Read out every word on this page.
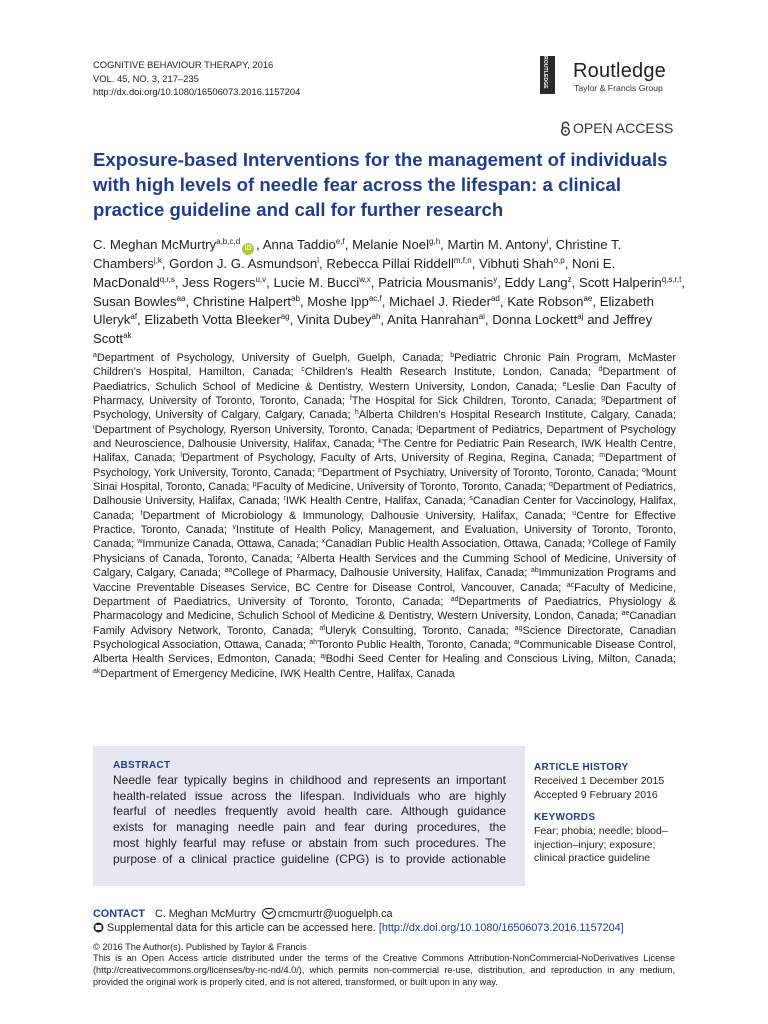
COGNITIVE BEHAVIOUR THERAPY, 2016
VOL. 45, NO. 3, 217–235
http://dx.doi.org/10.1080/16506073.2016.1157204
ROUTLEDGE Routledge
Taylor & Francis Group
OPEN ACCESS
Exposure-based Interventions for the management of individuals with high levels of needle fear across the lifespan: a clinical practice guideline and call for further research
C. Meghan McMurtry$^{a,b,c,d}$iD , Anna Taddio$^{e,f}$, Melanie Noel$^{g,h}$, Martin M. Antony$^i$, Christine T. Chambers$^{j,k}$, Gordon J. G. Asmundson$^l$, Rebecca Pillai Riddell$^{m,f,n}$, Vibhuti Shah$^{o,p}$, Noni E. MacDonald$^{q,r,s}$, Jess Rogers$^{u,v}$, Lucie M. Bucci$^{w,x}$, Patricia Mousmanis$^y$, Eddy Lang$^z$, Scott Halperin$^{q,s,r,t}$, Susan Bowles$^{aa}$, Christine Halpert$^{ab}$, Moshe Ipp$^{ac,f}$, Michael J. Rieder$^{ad}$, Kate Robson$^{ae}$, Elizabeth Uleryk$^{af}$, Elizabeth Votta Bleeker$^{ag}$, Vinita Dubey$^{ah}$, Anita Hanrahan$^{ai}$, Donna Lockett$^{aj}$ and Jeffrey Scott$^{ak}$
$^a$Department of Psychology, University of Guelph, Guelph, Canada; $^b$Pediatric Chronic Pain Program, McMaster Children’s Hospital, Hamilton, Canada; $^c$Children’s Health Research Institute, London, Canada; $^d$Department of Paediatrics, Schulich School of Medicine & Dentistry, Western University, London, Canada; $^e$Leslie Dan Faculty of Pharmacy, University of Toronto, Toronto, Canada; $^f$The Hospital for Sick Children, Toronto, Canada; $^g$Department of Psychology, University of Calgary, Calgary, Canada; $^h$Alberta Children’s Hospital Research Institute, Calgary, Canada; $^i$Department of Psychology, Ryerson University, Toronto, Canada; $^j$Department of Pediatrics, Department of Psychology and Neuroscience, Dalhousie University, Halifax, Canada; $^k$The Centre for Pediatric Pain Research, IWK Health Centre, Halifax, Canada; $^l$Department of Psychology, Faculty of Arts, University of Regina, Regina, Canada; $^m$Department of Psychology, York University, Toronto, Canada; $^n$Department of Psychiatry, University of Toronto, Toronto, Canada; $^o$Mount Sinai Hospital, Toronto, Canada; $^p$Faculty of Medicine, University of Toronto, Toronto, Canada; $^q$Department of Pediatrics, Dalhousie University, Halifax, Canada; $^r$IWK Health Centre, Halifax, Canada; $^s$Canadian Center for Vaccinology, Halifax, Canada; $^t$Department of Microbiology & Immunology, Dalhousie University, Halifax, Canada; $^u$Centre for Effective Practice, Toronto, Canada; $^v$Institute of Health Policy, Management, and Evaluation, University of Toronto, Toronto, Canada; $^w$Immunize Canada, Ottawa, Canada; $^x$Canadian Public Health Association, Ottawa, Canada; $^y$College of Family Physicians of Canada, Toronto, Canada; $^z$Alberta Health Services and the Cumming School of Medicine, University of Calgary, Calgary, Canada; $^{aa}$College of Pharmacy, Dalhousie University, Halifax, Canada; $^{ab}$Immunization Programs and Vaccine Preventable Diseases Service, BC Centre for Disease Control, Vancouver, Canada; $^{ac}$Faculty of Medicine, Department of Paediatrics, University of Toronto, Toronto, Canada; $^{ad}$Departments of Paediatrics, Physiology & Pharmacology and Medicine, Schulich School of Medicine & Dentistry, Western University, London, Canada; $^{ae}$Canadian Family Advisory Network, Toronto, Canada; $^{af}$Uleryk Consulting, Toronto, Canada; $^{ag}$Science Directorate, Canadian Psychological Association, Ottawa, Canada; $^{ah}$Toronto Public Health, Toronto, Canada; $^{ai}$Communicable Disease Control, Alberta Health Services, Edmonton, Canada; $^{aj}$Bodhi Seed Center for Healing and Conscious Living, Milton, Canada; $^{ak}$Department of Emergency Medicine, IWK Health Centre, Halifax, Canada
ABSTRACT
Needle fear typically begins in childhood and represents an important
health-related issue across the lifespan. Individuals who are highly
fearful of needles frequently avoid health care. Although guidance
exists for managing needle pain and fear during procedures, the
most highly fearful may refuse or abstain from such procedures. The
purpose of a clinical practice guideline (CPG) is to provide actionable
ARTICLE HISTORY
Received 1 December 2015
Accepted 9 February 2016
KEYWORDS
Fear; phobia; needle; blood–injection–injury; exposure; clinical practice guideline
CONTACT C. Meghan McMurtry cmcmurtr@uoguelph.ca
Supplemental data for this article can be accessed here. [http://dx.doi.org/10.1080/16506073.2016.1157204]
© 2016 The Author(s). Published by Taylor & Francis
This is an Open Access article distributed under the terms of the Creative Commons Attribution-NonCommercial-NoDerivatives License (http://creativecommons.org/licenses/by-nc-nd/4.0/), which permits non-commercial re-use, distribution, and reproduction in any medium, provided the original work is properly cited, and is not altered, transformed, or built upon in any way.
